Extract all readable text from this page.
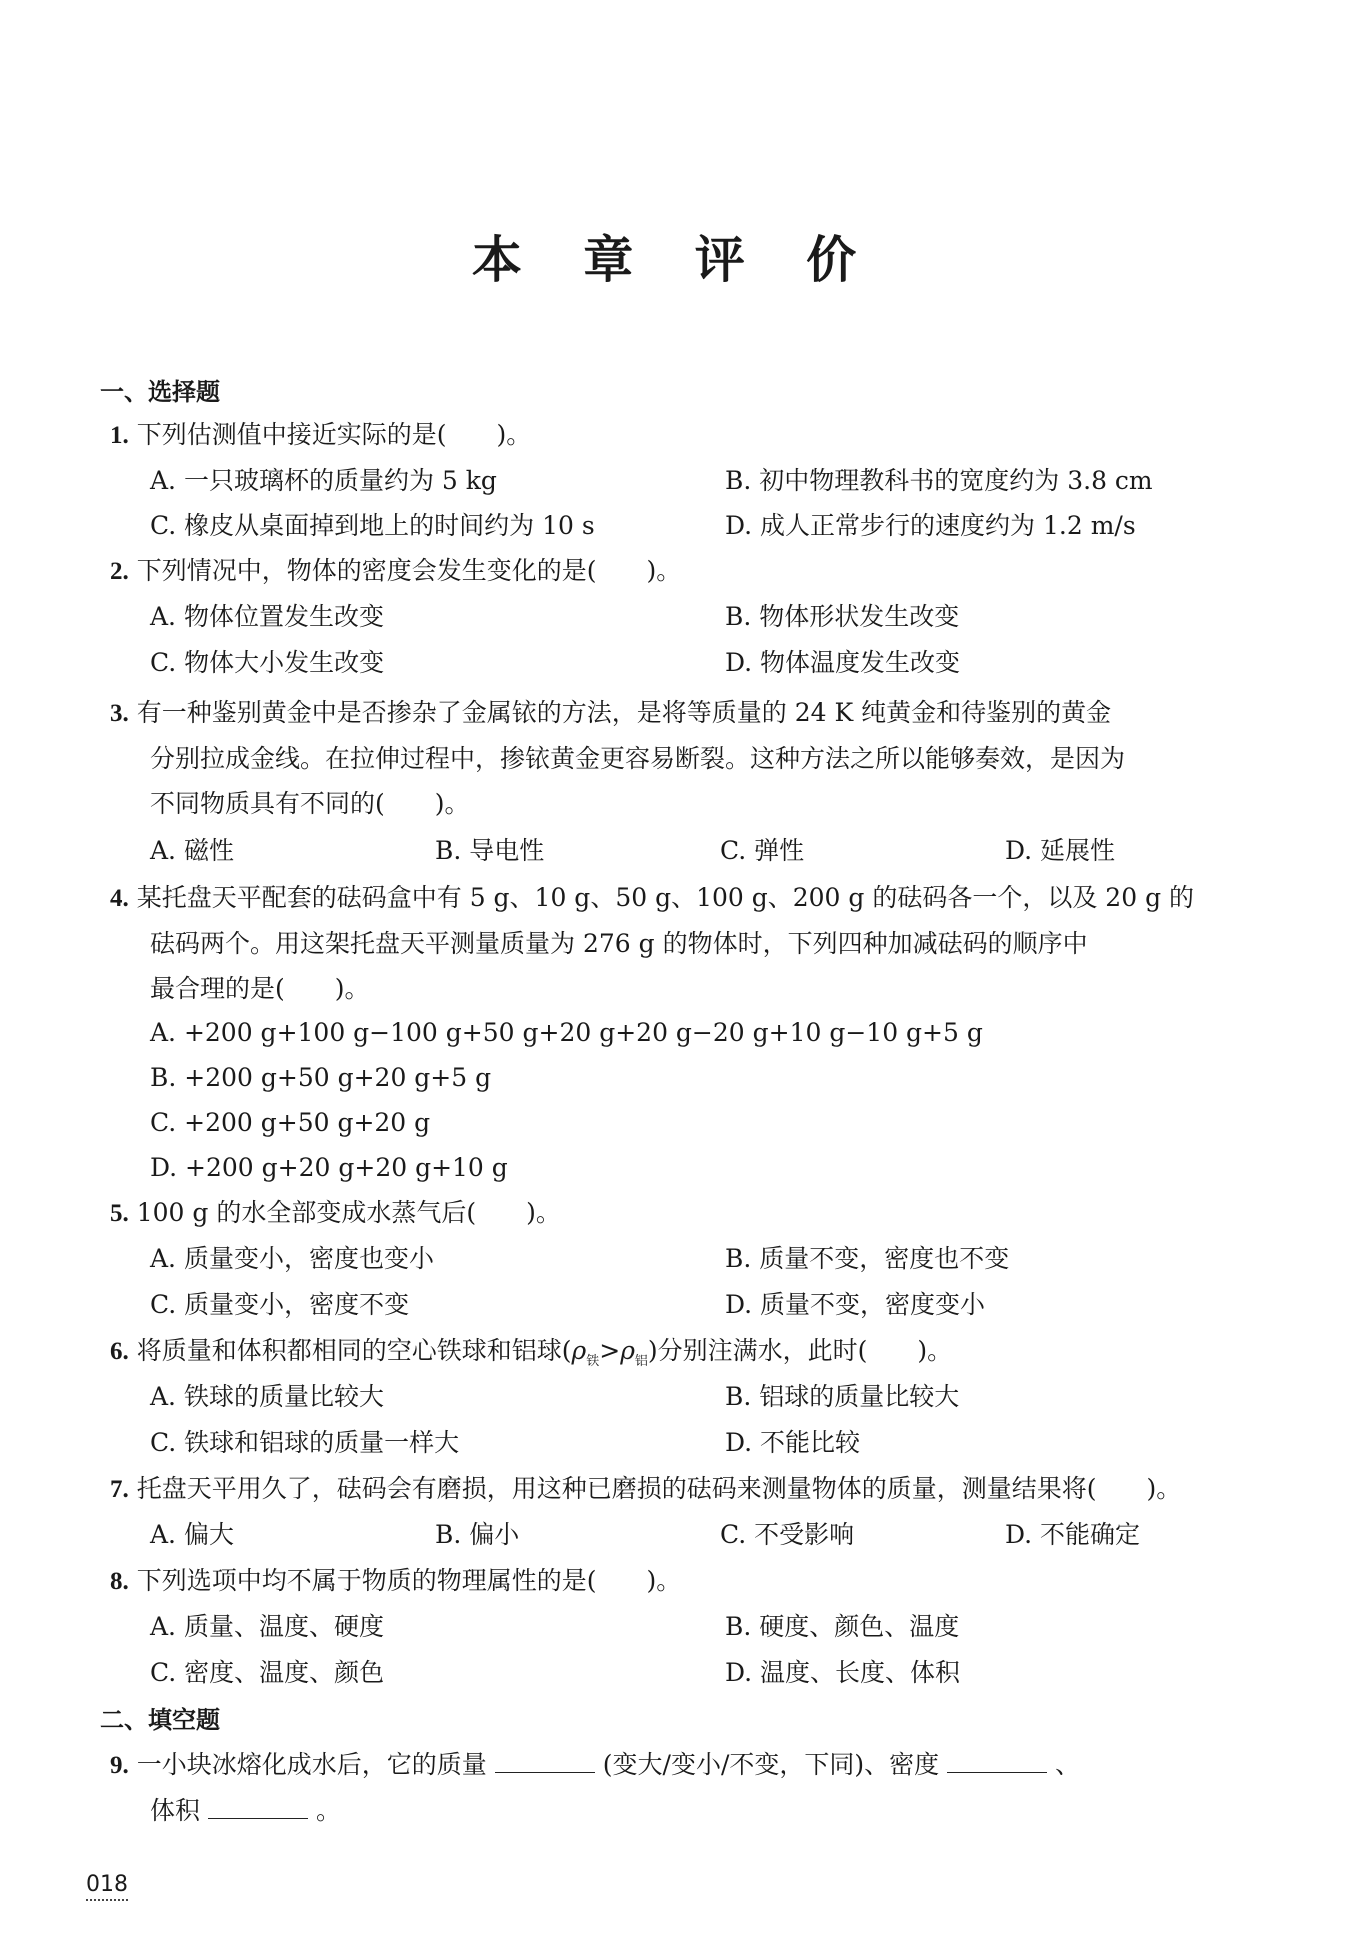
本 章 评 价
一、选择题
1. 下列估测值中接近实际的是(　　)。
A. 一只玻璃杯的质量约为 5 kg	B. 初中物理教科书的宽度约为 3.8 cm
C. 橡皮从桌面掉到地上的时间约为 10 s	D. 成人正常步行的速度约为 1.2 m/s
2. 下列情况中，物体的密度会发生变化的是(　　)。
A. 物体位置发生改变	B. 物体形状发生改变
C. 物体大小发生改变	D. 物体温度发生改变
3. 有一种鉴别黄金中是否掺杂了金属铱的方法，是将等质量的 24 K 纯黄金和待鉴别的黄金
分别拉成金线。在拉伸过程中，掺铱黄金更容易断裂。这种方法之所以能够奏效，是因为
不同物质具有不同的(　　)。
A. 磁性	B. 导电性	C. 弹性	D. 延展性
4. 某托盘天平配套的砝码盒中有 5 g、10 g、50 g、100 g、200 g 的砝码各一个，以及 20 g 的
砝码两个。用这架托盘天平测量质量为 276 g 的物体时，下列四种加减砝码的顺序中
最合理的是(　　)。
A. +200 g+100 g−100 g+50 g+20 g+20 g−20 g+10 g−10 g+5 g
B. +200 g+50 g+20 g+5 g
C. +200 g+50 g+20 g
D. +200 g+20 g+20 g+10 g
5. 100 g 的水全部变成水蒸气后(　　)。
A. 质量变小，密度也变小	B. 质量不变，密度也不变
C. 质量变小，密度不变	D. 质量不变，密度变小
6. 将质量和体积都相同的空心铁球和铝球$(\rho_铁>\rho_铝)$分别注满水，此时(　　)。
A. 铁球的质量比较大	B. 铝球的质量比较大
C. 铁球和铝球的质量一样大	D. 不能比较
7. 托盘天平用久了，砝码会有磨损，用这种已磨损的砝码来测量物体的质量，测量结果将(　　)。
A. 偏大	B. 偏小	C. 不受影响	D. 不能确定
8. 下列选项中均不属于物质的物理属性的是(　　)。
A. 质量、温度、硬度	B. 硬度、颜色、温度
C. 密度、温度、颜色	D. 温度、长度、体积
二、填空题
9. 一小块冰熔化成水后，它的质量	(变大/变小/不变，下同)、密度	、
体积	。
018
